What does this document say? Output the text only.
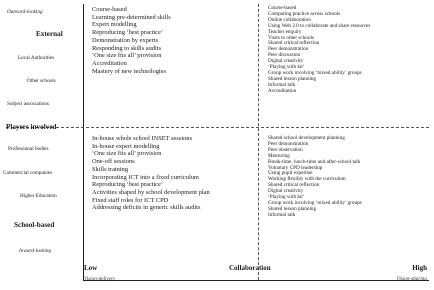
Outward-looking
External
Local Authorities
Other schools
Subject associations
Players involved
Professional bodies
Commercial companies
Higher Education
School-based
Inward-looking
Course-based
Learning pre-determined skills
Expert modelling
Reproducing ‘best practice’
Demonstration by experts
Responding to skills audits
‘One size fits all’ provision
Accreditation
Mastery of new technologies
Course-based
Comparing practice across schools
Online collaboration
Using Web 2.0 to collaborate and share resources
Teacher enquiry
Visits to other schools
Shared critical reflection
Peer demonstration
Peer discussion
Digital creativity
‘Playing with kit’
Group work involving ‘mixed ability’ groups
Shared lesson planning
Informal talk
Accreditation
In-house whole school INSET sessions
In-house expert modelling
‘One size fits all’ provision
One-off sessions
Skills training
Incorporating ICT into a fixed curriculum
Reproducing ‘best practice’
Activities shaped by school development plan
Fixed staff roles for ICT CPD
Addressing deficits in generic skills audits
Shared school development planning
Peer demonstration
Peer observation
Mentoring
Break-time, lunch-time and after-school talk
Voluntary CPD leadership
Using pupil expertise
Working flexibly with the curriculum
Shared critical reflection
Digital creativity
‘Playing with kit’
Group work involving ‘mixed ability’ groups
Shared lesson planning
Informal talk
Low	Collaboration	High
Vision-delivery	Vision-sharing
